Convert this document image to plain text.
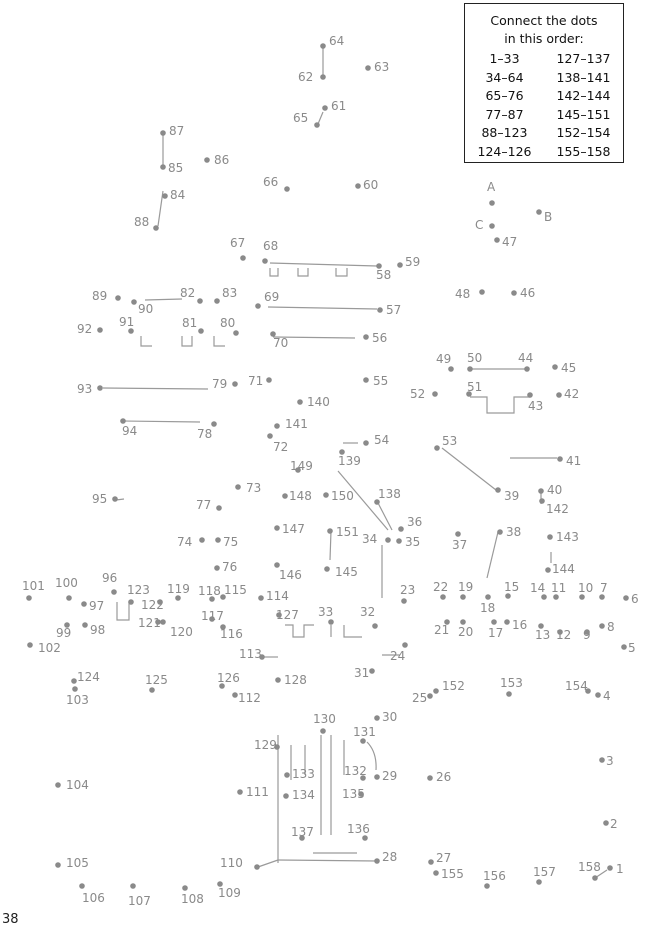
1
2
3
4
5
6
7
8
9
10
11
12
13
14
15
16
17
18
19
20
21
22
23
24
25
26
27
28
29
30
31
32
33
34 35
36
37
38
39 40
41
42
43
44
45
46
47
48
49 50
51
52
53
54
55
56
57
58
59
60
61
62
63
64
65
66
67 68
69
70
71
72
73
74	75
76
77
78
79
80
81
82 83
84
85
86
87
88
89
90
91
92
93
94
95
96
97
98
99
100
101
102
103
104
105
106 107	108 109
110
111
112
113
114
115
116
117
118
119
120
121
122
123
124	125	126
127
128
129
130
131
132
133
134 135
136
137
138
139
140
141
142
143
144
145
146
147
148
149
150
151
152	153	154
155 156 157 158
A
B
C
Connect the dots
in this order:
1–33	127–137
34–64	138–141
65–76	142–144
77–87	145–151
88–123	152–154
124–126	155–158
38
